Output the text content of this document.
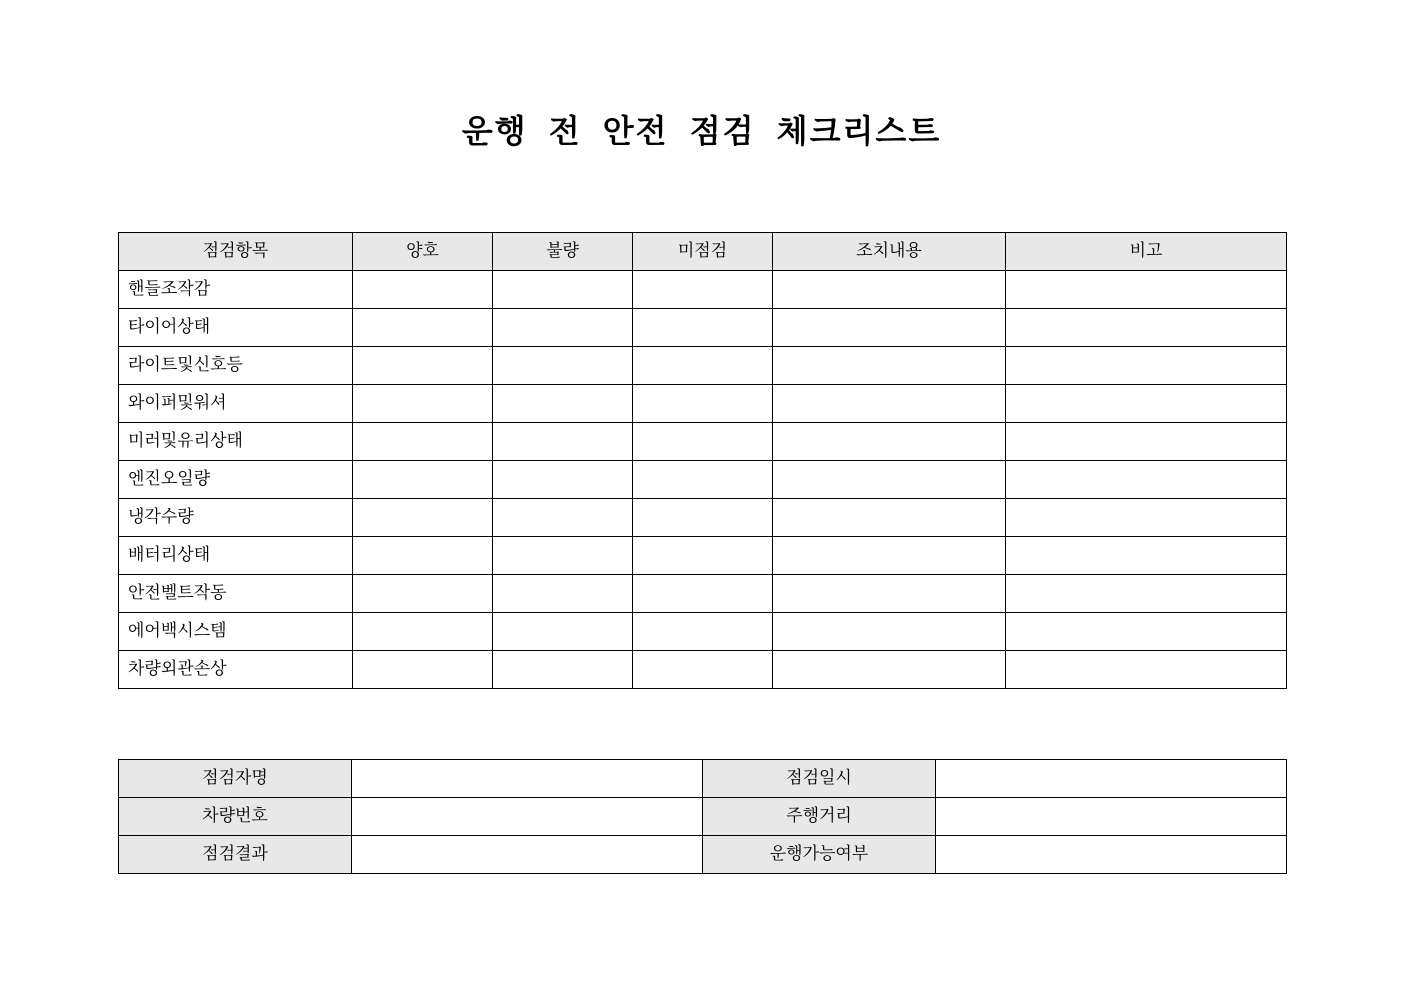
운행 전 안전 점검 체크리스트
점검항목	양호	불량	미점검	조치내용	비고
핸들조작감					
타이어상태					
라이트및신호등					
와이퍼및워셔					
미러및유리상태					
엔진오일량					
냉각수량					
배터리상태					
안전벨트작동					
에어백시스템					
차량외관손상					
점검자명		점검일시	
차량번호		주행거리	
점검결과		운행가능여부	
